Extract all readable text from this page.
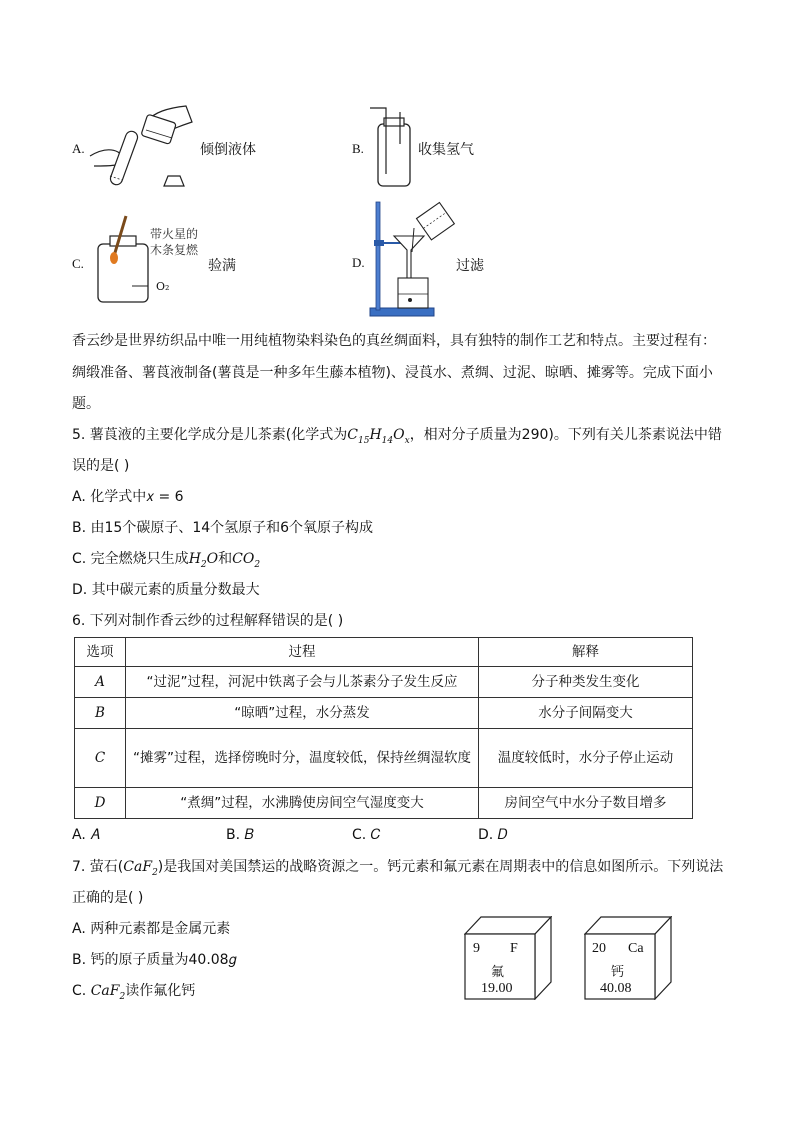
A.	倾倒液体	B.	收集氢气
C.
带火星的
木条复燃
O₂
验满	D.	过滤
香云纱是世界纺织品中唯一用纯植物染料染色的真丝绸面料，具有独特的制作工艺和特点。主要过程有：
绸缎准备、薯莨液制备(薯莨是一种多年生藤本植物)、浸莨水、煮绸、过泥、晾晒、摊雾等。完成下面小
题。
5. 薯莨液的主要化学成分是儿茶素(化学式为$C_{15}H_{14}O_x$，相对分子质量为290)。下列有关儿茶素说法中错
误的是( )
A. 化学式中𝑥 = 6
B. 由15个碳原子、14个氢原子和6个氧原子构成
C. 完全燃烧只生成$H_2O$和$CO_2$
D. 其中碳元素的质量分数最大
6. 下列对制作香云纱的过程解释错误的是( )
选项	过程	解释
A	“过泥”过程，河泥中铁离子会与儿茶素分子发生反应	分子种类发生变化
B	“晾晒”过程，水分蒸发	水分子间隔变大
C	“摊雾”过程，选择傍晚时分，温度较低，保持丝绸湿软度	温度较低时，水分子停止运动
D	“煮绸”过程，水沸腾使房间空气湿度变大	房间空气中水分子数目增多
A. 𝐴	B. 𝐵	C. 𝐶	D. 𝐷
7. 萤石(CaF$_2$)是我国对美国禁运的战略资源之一。钙元素和氟元素在周期表中的信息如图所示。下列说法
正确的是( )
A. 两种元素都是金属元素
B. 钙的原子质量为40.08𝑔
C. CaF$_2$读作氟化钙
9 F
氟
19.00
20 Ca
钙
40.08
